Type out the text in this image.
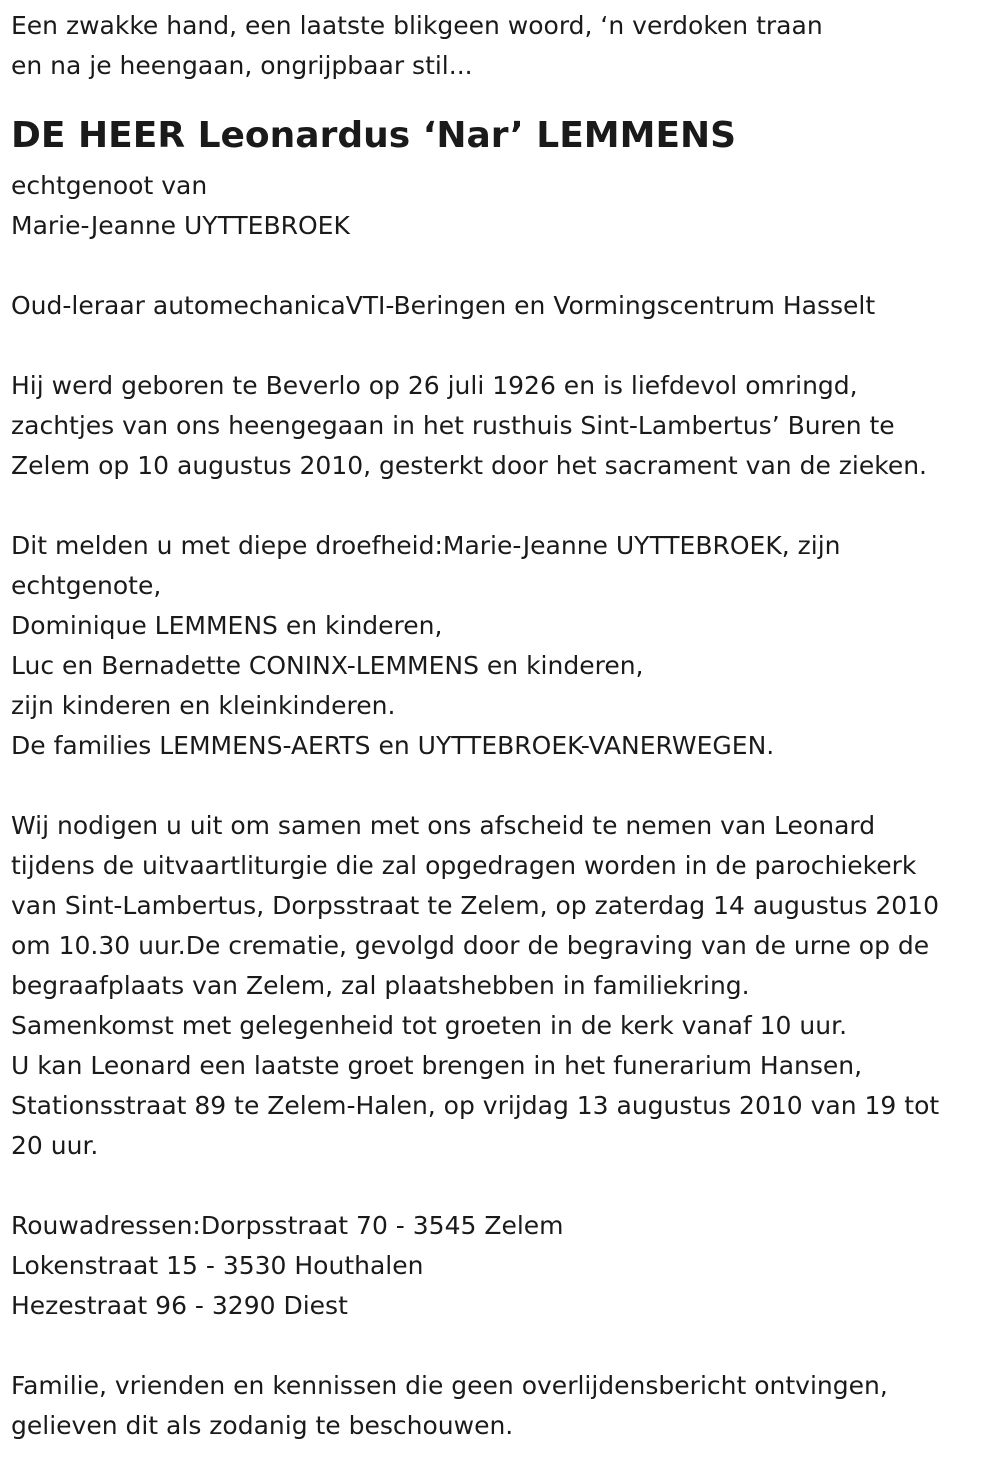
Een zwakke hand, een laatste blikgeen woord, ‘n verdoken traan
en na je heengaan, ongrijpbaar stil...
DE HEER Leonardus ‘Nar’ LEMMENS
echtgenoot van
Marie-Jeanne UYTTEBROEK
Oud-leraar automechanicaVTI-Beringen en Vormingscentrum Hasselt
Hij werd geboren te Beverlo op 26 juli 1926 en is liefdevol omringd,
zachtjes van ons heengegaan in het rusthuis Sint-Lambertus’ Buren te
Zelem op 10 augustus 2010, gesterkt door het sacrament van de zieken.
Dit melden u met diepe droefheid:Marie-Jeanne UYTTEBROEK, zijn
echtgenote,
Dominique LEMMENS en kinderen,
Luc en Bernadette CONINX-LEMMENS en kinderen,
zijn kinderen en kleinkinderen.
De families LEMMENS-AERTS en UYTTEBROEK-VANERWEGEN.
Wij nodigen u uit om samen met ons afscheid te nemen van Leonard
tijdens de uitvaartliturgie die zal opgedragen worden in de parochiekerk
van Sint-Lambertus, Dorpsstraat te Zelem, op zaterdag 14 augustus 2010
om 10.30 uur.De crematie, gevolgd door de begraving van de urne op de
begraafplaats van Zelem, zal plaatshebben in familiekring.
Samenkomst met gelegenheid tot groeten in de kerk vanaf 10 uur.
U kan Leonard een laatste groet brengen in het funerarium Hansen,
Stationsstraat 89 te Zelem-Halen, op vrijdag 13 augustus 2010 van 19 tot
20 uur.
Rouwadressen:Dorpsstraat 70 - 3545 Zelem
Lokenstraat 15 - 3530 Houthalen
Hezestraat 96 - 3290 Diest
Familie, vrienden en kennissen die geen overlijdensbericht ontvingen,
gelieven dit als zodanig te beschouwen.
